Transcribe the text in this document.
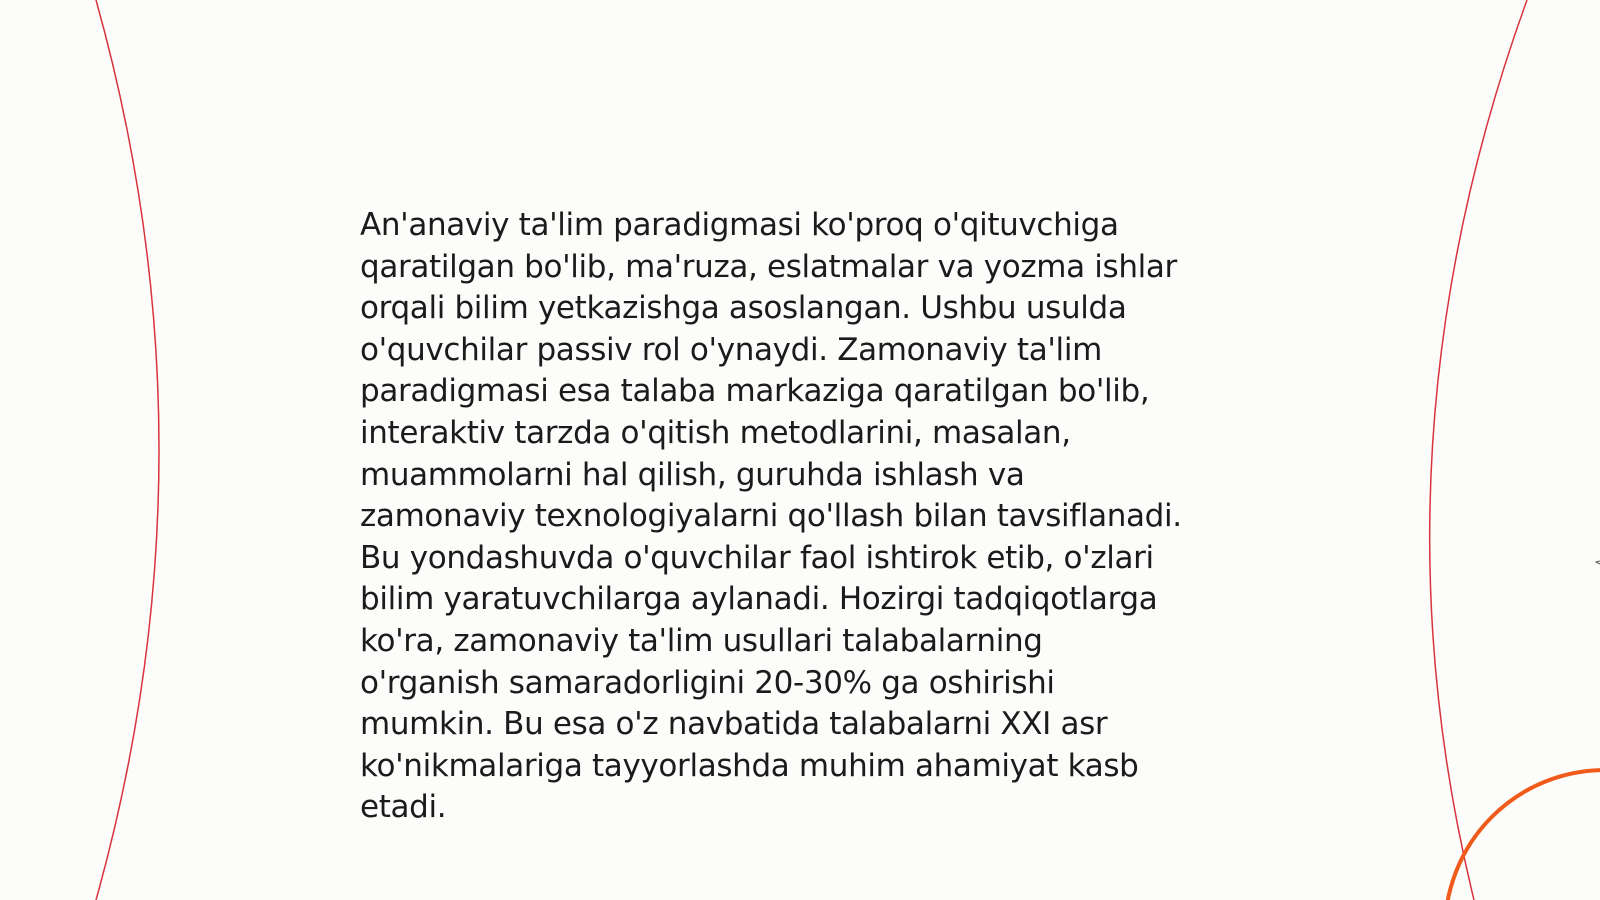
An'anaviy ta'lim paradigmasi ko'proq o'qituvchiga
qaratilgan bo'lib, ma'ruza, eslatmalar va yozma ishlar
orqali bilim yetkazishga asoslangan. Ushbu usulda
o'quvchilar passiv rol o'ynaydi. Zamonaviy ta'lim
paradigmasi esa talaba markaziga qaratilgan bo'lib,
interaktiv tarzda o'qitish metodlarini, masalan,
muammolarni hal qilish, guruhda ishlash va
zamonaviy texnologiyalarni qo'llash bilan tavsiflanadi.
Bu yondashuvda o'quvchilar faol ishtirok etib, o'zlari
bilim yaratuvchilarga aylanadi. Hozirgi tadqiqotlarga
ko'ra, zamonaviy ta'lim usullari talabalarning
o'rganish samaradorligini 20-30% ga oshirishi
mumkin. Bu esa o'z navbatida talabalarni XXI asr
ko'nikmalariga tayyorlashda muhim ahamiyat kasb
etadi.
